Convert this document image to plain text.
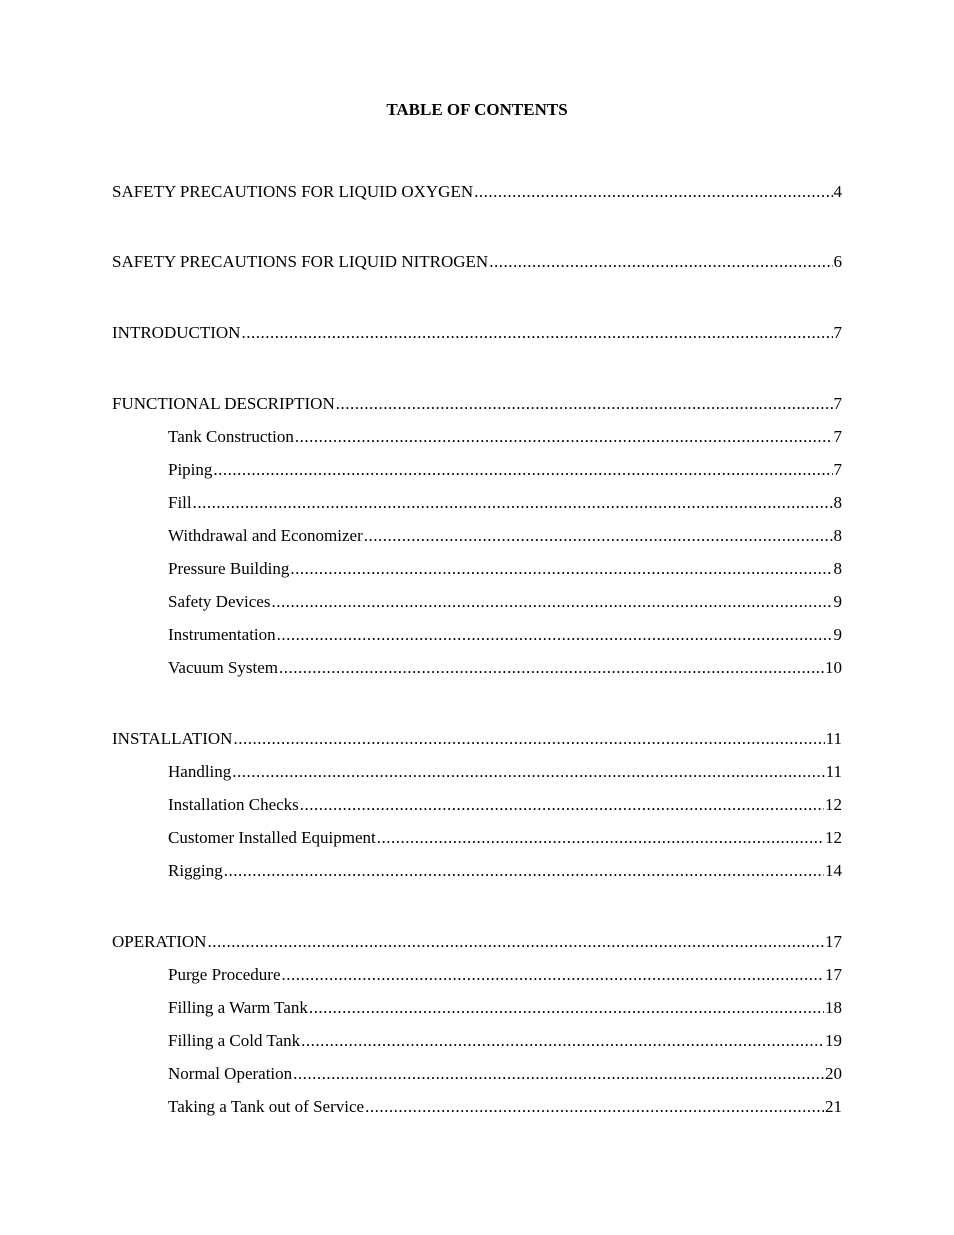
TABLE OF CONTENTS
SAFETY PRECAUTIONS FOR LIQUID OXYGEN .....	4
SAFETY PRECAUTIONS FOR LIQUID NITROGEN .....	6
INTRODUCTION .....	7
FUNCTIONAL DESCRIPTION .....	7
Tank Construction .....	7
Piping .....	7
Fill .....	8
Withdrawal and Economizer .....	8
Pressure Building .....	8
Safety Devices .....	9
Instrumentation .....	9
Vacuum System .....	10
INSTALLATION .....	11
Handling .....	11
Installation Checks .....	12
Customer Installed Equipment .....	12
Rigging .....	14
OPERATION .....	17
Purge Procedure .....	17
Filling a Warm Tank .....	18
Filling a Cold Tank .....	19
Normal Operation .....	20
Taking a Tank out of Service .....	21
